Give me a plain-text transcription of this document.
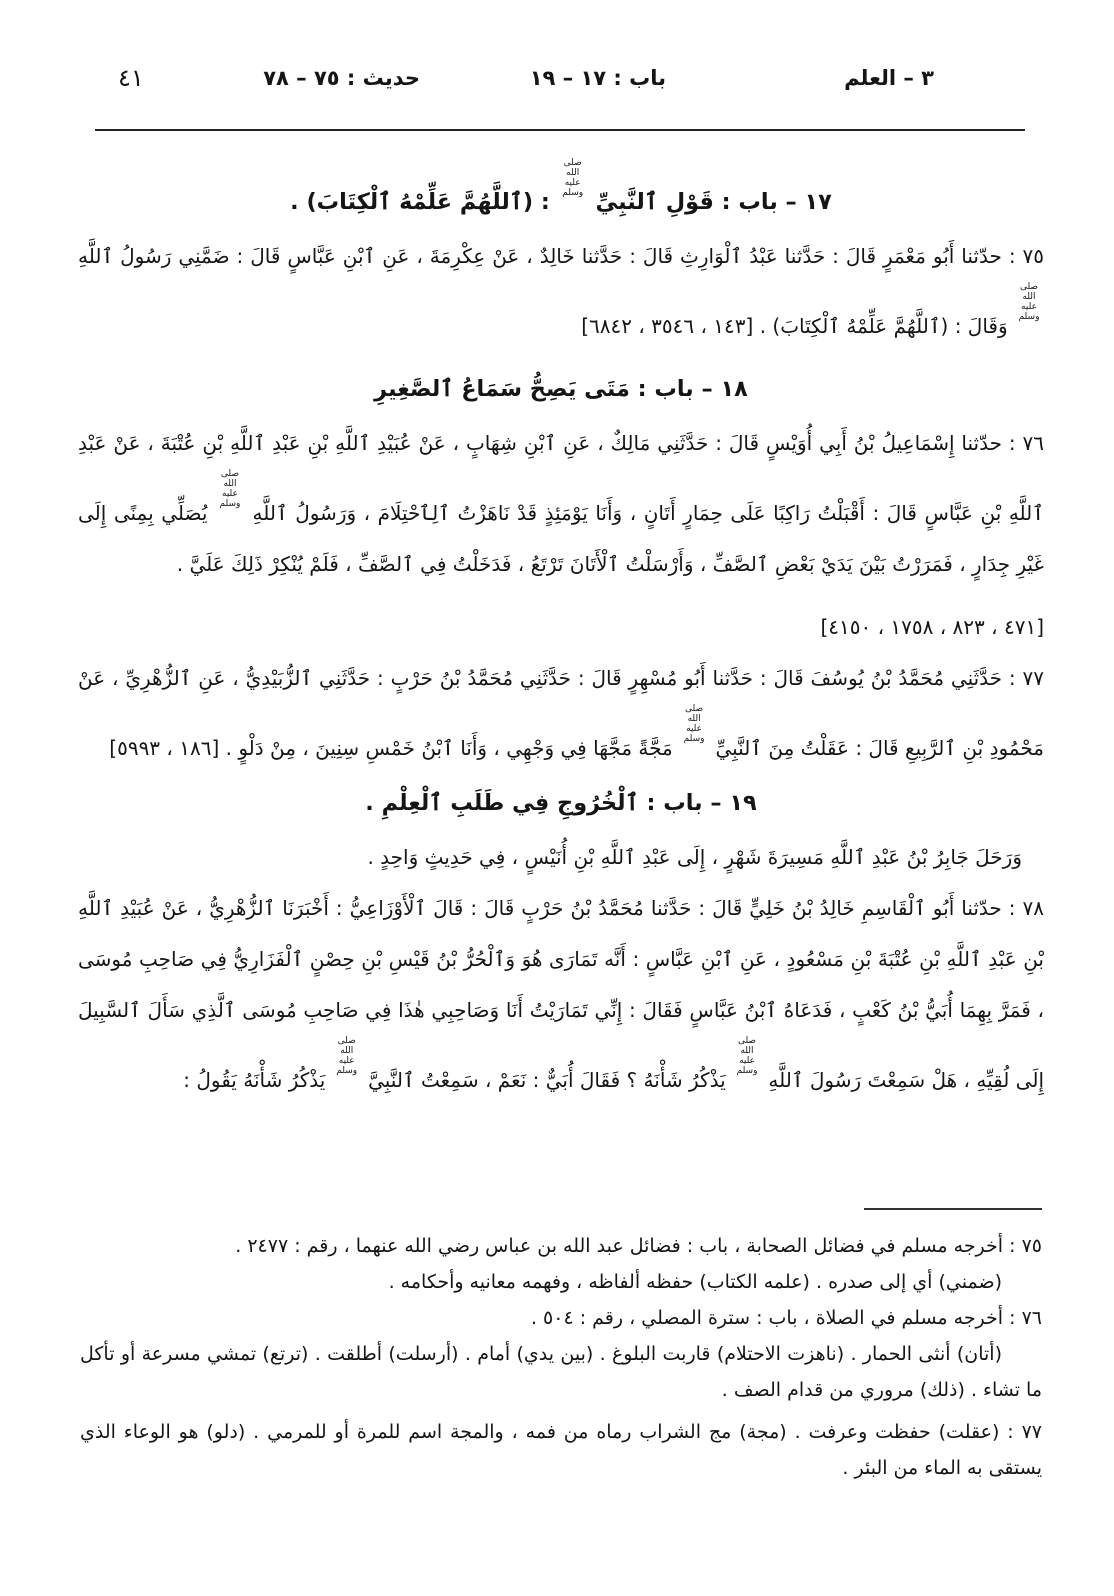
٣ – العلم
باب : ١٧ – ١٩
حديث : ٧٥ – ٧٨
٤١
١٧ – باب : قَوْلِ ٱلنَّبِيِّ صلى الله عليه وسلم : (ٱللَّهُمَّ عَلِّمْهُ ٱلْكِتَابَ) .

٧٥ : حدّثنا أَبُو مَعْمَرٍ قَالَ : حَدَّثنا عَبْدُ ٱلْوَارِثِ قَالَ : حَدَّثنا خَالِدٌ ، عَنْ عِكْرِمَةَ ، عَنِ ٱبْنِ عَبَّاسٍ قَالَ : ضَمَّنِي رَسُولُ ٱللَّهِ صلى الله عليه وسلم وَقَالَ : (ٱللَّهُمَّ عَلِّمْهُ ٱلْكِتَابَ) . [١٤٣ ، ٣٥٤٦ ، ٦٨٤٢]

١٨ – باب : مَتَى يَصِحُّ سَمَاعُ ٱلصَّغِيرِ

٧٦ : حدّثنا إِسْمَاعِيلُ بْنُ أَبِي أُوَيْسٍ قَالَ : حَدَّثَنِي مَالِكٌ ، عَنِ ٱبْنِ شِهَابٍ ، عَنْ عُبَيْدِ ٱللَّهِ بْنِ عَبْدِ ٱللَّهِ بْنِ عُتْبَةَ ، عَنْ عَبْدِ ٱللَّهِ بْنِ عَبَّاسٍ قَالَ : أَقْبَلْتُ رَاكِبًا عَلَى حِمَارٍ أَتَانٍ ، وَأَنَا يَوْمَئِذٍ قَدْ نَاهَزْتُ ٱلِٱحْتِلَامَ ، وَرَسُولُ ٱللَّهِ صلى الله عليه وسلم يُصَلِّي بِمِنًى إِلَى غَيْرِ جِدَارٍ ، فَمَرَرْتُ بَيْنَ يَدَيْ بَعْضِ ٱلصَّفِّ ، وَأَرْسَلْتُ ٱلْأَتَانَ تَرْتَعُ ، فَدَخَلْتُ فِي ٱلصَّفِّ ، فَلَمْ يُنْكِرْ ذَلِكَ عَلَيَّ .

[٤٧١ ، ٨٢٣ ، ١٧٥٨ ، ٤١٥٠]

٧٧ : حَدَّثَنِي مُحَمَّدُ بْنُ يُوسُفَ قَالَ : حَدَّثنا أَبُو مُسْهِرٍ قَالَ : حَدَّثَنِي مُحَمَّدُ بْنُ حَرْبٍ : حَدَّثَنِي ٱلزُّبَيْدِيُّ ، عَنِ ٱلزُّهْرِيِّ ، عَنْ مَحْمُودِ بْنِ ٱلرَّبِيعِ قَالَ : عَقَلْتُ مِنَ ٱلنَّبِيِّ صلى الله عليه وسلم مَجَّةً مَجَّهَا فِي وَجْهِي ، وَأَنَا ٱبْنُ خَمْسِ سِنِينَ ، مِنْ دَلْوٍ . [١٨٦ ، ٥٩٩٣]

١٩ – باب : ٱلْخُرُوجِ فِي طَلَبِ ٱلْعِلْمِ .

وَرَحَلَ جَابِرُ بْنُ عَبْدِ ٱللَّهِ مَسِيرَةَ شَهْرٍ ، إِلَى عَبْدِ ٱللَّهِ بْنِ أُنَيْسٍ ، فِي حَدِيثٍ وَاحِدٍ .

٧٨ : حدّثنا أَبُو ٱلْقَاسِمِ خَالِدُ بْنُ خَلِيٍّ قَالَ : حَدَّثنا مُحَمَّدُ بْنُ حَرْبٍ قَالَ : قَالَ ٱلْأَوْزَاعِيُّ : أَخْبَرَنَا ٱلزُّهْرِيُّ ، عَنْ عُبَيْدِ ٱللَّهِ بْنِ عَبْدِ ٱللَّهِ بْنِ عُتْبَةَ بْنِ مَسْعُودٍ ، عَنِ ٱبْنِ عَبَّاسٍ : أَنَّه تَمَارَى هُوَ وَٱلْحُرُّ بْنُ قَيْسِ بْنِ حِصْنٍ ٱلْفَزَارِيُّ فِي صَاحِبِ مُوسَى ، فَمَرَّ بِهِمَا أُبَيُّ بْنُ كَعْبٍ ، فَدَعَاهُ ٱبْنُ عَبَّاسٍ فَقَالَ : إِنِّي تَمَارَيْتُ أَنَا وَصَاحِبِي هٰذَا فِي صَاحِبِ مُوسَى ٱلَّذِي سَأَلَ ٱلسَّبِيلَ إِلَى لُقِيِّهِ ، هَلْ سَمِعْتَ رَسُولَ ٱللَّهِ صلى الله عليه وسلم يَذْكُرُ شَأْنَهُ ؟ فَقَالَ أُبَيٌّ : نَعَمْ ، سَمِعْتُ ٱلنَّبِيَّ صلى الله عليه وسلم يَذْكُرُ شَأْنَهُ يَقُولُ :

٧٥ : أخرجه مسلم في فضائل الصحابة ، باب : فضائل عبد الله بن عباس رضي الله عنهما ، رقم : ٢٤٧٧ .

(ضمني) أي إلى صدره . (علمه الكتاب) حفظه ألفاظه ، وفهمه معانيه وأحكامه .

٧٦ : أخرجه مسلم في الصلاة ، باب : سترة المصلي ، رقم : ٥٠٤ .

(أتان) أنثى الحمار . (ناهزت الاحتلام) قاربت البلوغ . (بين يدي) أمام . (أرسلت) أطلقت . (ترتع) تمشي مسرعة أو تأكل ما تشاء . (ذلك) مروري من قدام الصف .

٧٧ : (عقلت) حفظت وعرفت . (مجة) مج الشراب رماه من فمه ، والمجة اسم للمرة أو للمرمي . (دلو) هو الوعاء الذي يستقى به الماء من البئر .
